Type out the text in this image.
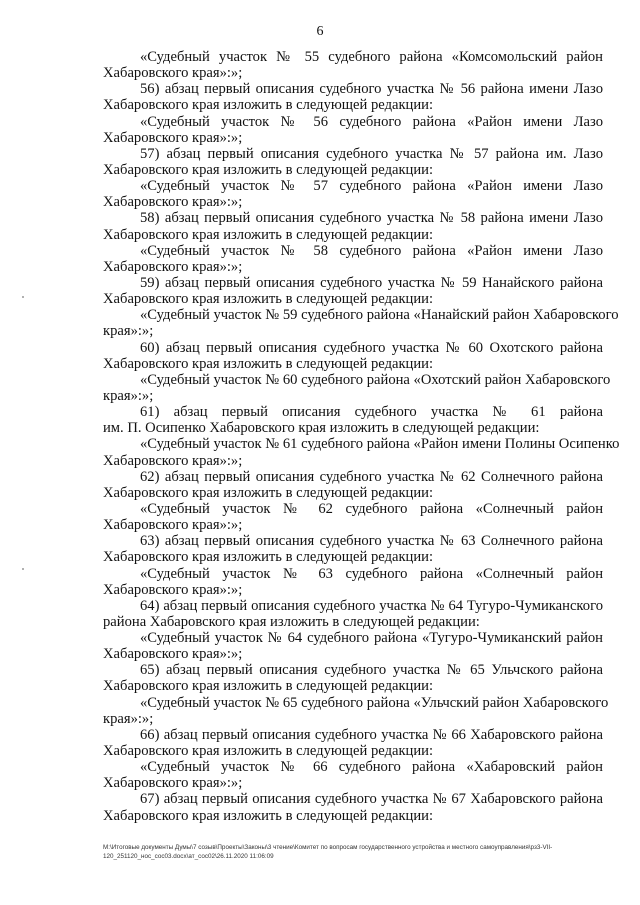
6
«Судебный участок № 55 судебного района «Комсомольский район
Хабаровского края»:»;
56) абзац первый описания судебного участка № 56 района имени Лазо
Хабаровского края изложить в следующей редакции:
«Судебный участок № 56 судебного района «Район имени Лазо
Хабаровского края»:»;
57) абзац первый описания судебного участка № 57 района им. Лазо
Хабаровского края изложить в следующей редакции:
«Судебный участок № 57 судебного района «Район имени Лазо
Хабаровского края»:»;
58) абзац первый описания судебного участка № 58 района имени Лазо
Хабаровского края изложить в следующей редакции:
«Судебный участок № 58 судебного района «Район имени Лазо
Хабаровского края»:»;
59) абзац первый описания судебного участка № 59 Нанайского района
Хабаровского края изложить в следующей редакции:
«Судебный участок № 59 судебного района «Нанайский район Хабаровского
края»:»;
60) абзац первый описания судебного участка № 60 Охотского района
Хабаровского края изложить в следующей редакции:
«Судебный участок № 60 судебного района «Охотский район Хабаровского
края»:»;
61) абзац первый описания судебного участка № 61 района
им. П. Осипенко Хабаровского края изложить в следующей редакции:
«Судебный участок № 61 судебного района «Район имени Полины Осипенко
Хабаровского края»:»;
62) абзац первый описания судебного участка № 62 Солнечного района
Хабаровского края изложить в следующей редакции:
«Судебный участок № 62 судебного района «Солнечный район
Хабаровского края»:»;
63) абзац первый описания судебного участка № 63 Солнечного района
Хабаровского края изложить в следующей редакции:
«Судебный участок № 63 судебного района «Солнечный район
Хабаровского края»:»;
64) абзац первый описания судебного участка № 64 Тугуро-Чумиканского
района Хабаровского края изложить в следующей редакции:
«Судебный участок № 64 судебного района «Тугуро-Чумиканский район
Хабаровского края»:»;
65) абзац первый описания судебного участка № 65 Ульчского района
Хабаровского края изложить в следующей редакции:
«Судебный участок № 65 судебного района «Ульчский район Хабаровского
края»:»;
66) абзац первый описания судебного участка № 66 Хабаровского района
Хабаровского края изложить в следующей редакции:
«Судебный участок № 66 судебного района «Хабаровский район
Хабаровского края»:»;
67) абзац первый описания судебного участка № 67 Хабаровского района
Хабаровского края изложить в следующей редакции:
М:\Итоговые документы Думы\7 созыв\Проекты\Законы\3 чтение\Комитет по вопросам государственного устройства и местного самоуправления\рз3-VII-
120_251120_нос_сос03.docx\ат_сос02\26.11.2020 11:06:09
